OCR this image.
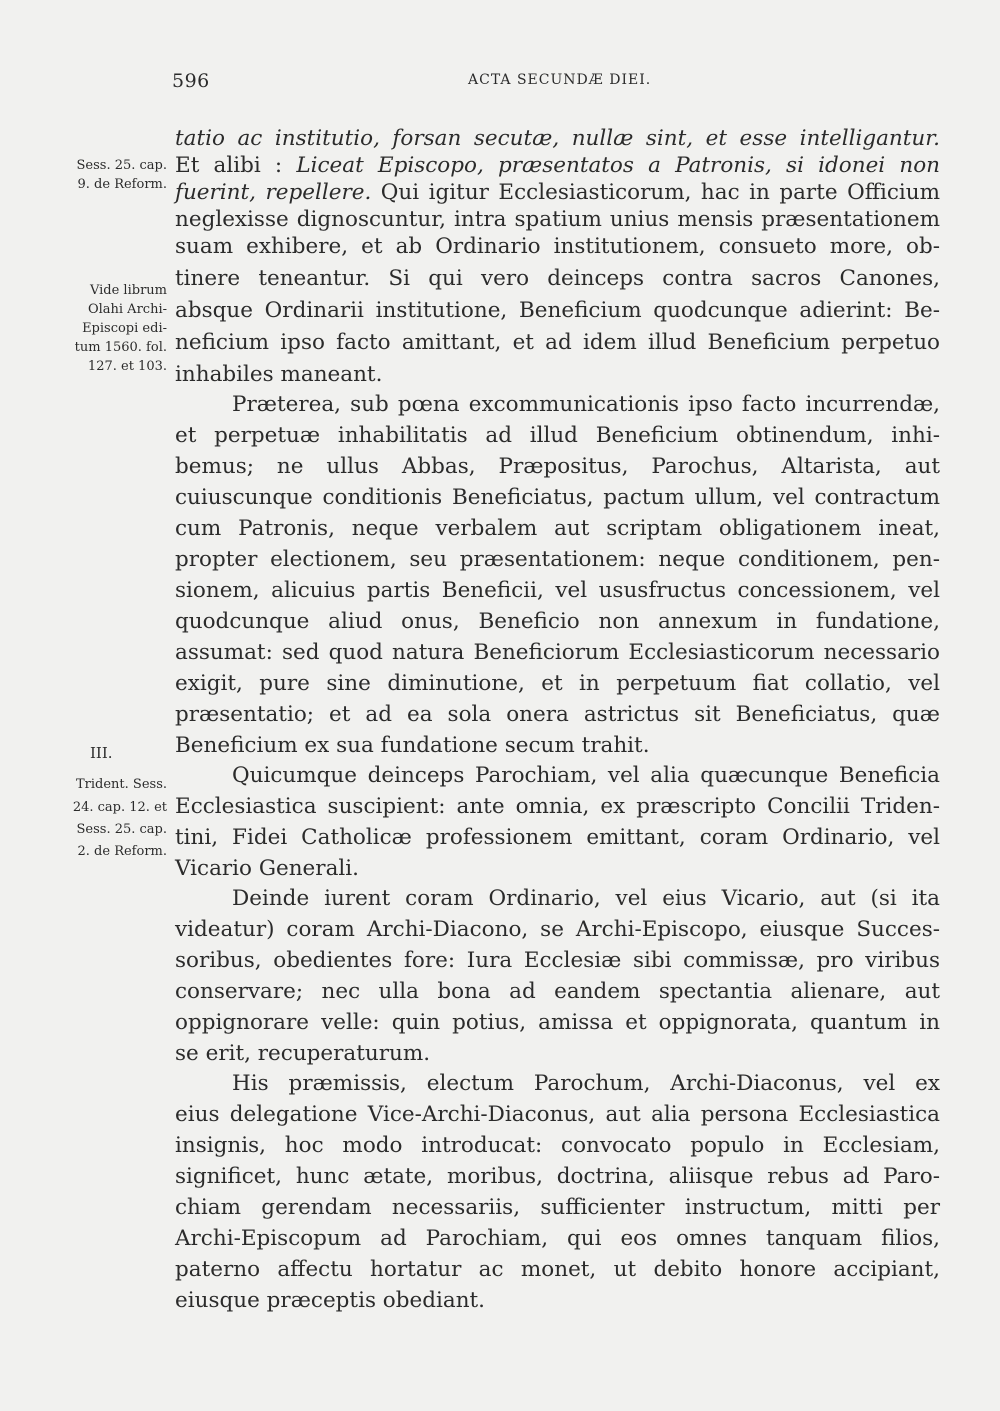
596	ACTA SECUNDÆ DIEI.
Sess. 25. cap.
9. de Reform.
Vide librum
Olahi Archi-
Episcopi edi-
tum 1560. fol.
127. et 103.
III.
Trident. Sess.
24. cap. 12. et
Sess. 25. cap.
2. de Reform.
tatio ac institutio, forsan secutæ, nullæ sint, et esse intelligantur.
Et alibi : Liceat Episcopo, præsentatos a Patronis, si idonei non
fuerint, repellere. Qui igitur Ecclesiasticorum, hac in parte Officium
neglexisse dignoscuntur, intra spatium unius mensis præsentationem
suam exhibere, et ab Ordinario institutionem, consueto more, ob-
tinere teneantur. Si qui vero deinceps contra sacros Canones,
absque Ordinarii institutione, Beneficium quodcunque adierint: Be-
neficium ipso facto amittant, et ad idem illud Beneficium perpetuo
inhabiles maneant.
Præterea, sub pœna excommunicationis ipso facto incurrendæ,
et perpetuæ inhabilitatis ad illud Beneficium obtinendum, inhi-
bemus; ne ullus Abbas, Præpositus, Parochus, Altarista, aut
cuiuscunque conditionis Beneficiatus, pactum ullum, vel contractum
cum Patronis, neque verbalem aut scriptam obligationem ineat,
propter electionem, seu præsentationem: neque conditionem, pen-
sionem, alicuius partis Beneficii, vel ususfructus concessionem, vel
quodcunque aliud onus, Beneficio non annexum in fundatione,
assumat: sed quod natura Beneficiorum Ecclesiasticorum necessario
exigit, pure sine diminutione, et in perpetuum fiat collatio, vel
præsentatio; et ad ea sola onera astrictus sit Beneficiatus, quæ
Beneficium ex sua fundatione secum trahit.
Quicumque deinceps Parochiam, vel alia quæcunque Beneficia
Ecclesiastica suscipient: ante omnia, ex præscripto Concilii Triden-
tini, Fidei Catholicæ professionem emittant, coram Ordinario, vel
Vicario Generali.
Deinde iurent coram Ordinario, vel eius Vicario, aut (si ita
videatur) coram Archi-Diacono, se Archi-Episcopo, eiusque Succes-
soribus, obedientes fore: Iura Ecclesiæ sibi commissæ, pro viribus
conservare; nec ulla bona ad eandem spectantia alienare, aut
oppignorare velle: quin potius, amissa et oppignorata, quantum in
se erit, recuperaturum.
His præmissis, electum Parochum, Archi-Diaconus, vel ex
eius delegatione Vice-Archi-Diaconus, aut alia persona Ecclesiastica
insignis, hoc modo introducat: convocato populo in Ecclesiam,
significet, hunc ætate, moribus, doctrina, aliisque rebus ad Paro-
chiam gerendam necessariis, sufficienter instructum, mitti per
Archi-Episcopum ad Parochiam, qui eos omnes tanquam filios,
paterno affectu hortatur ac monet, ut debito honore accipiant,
eiusque præceptis obediant.
